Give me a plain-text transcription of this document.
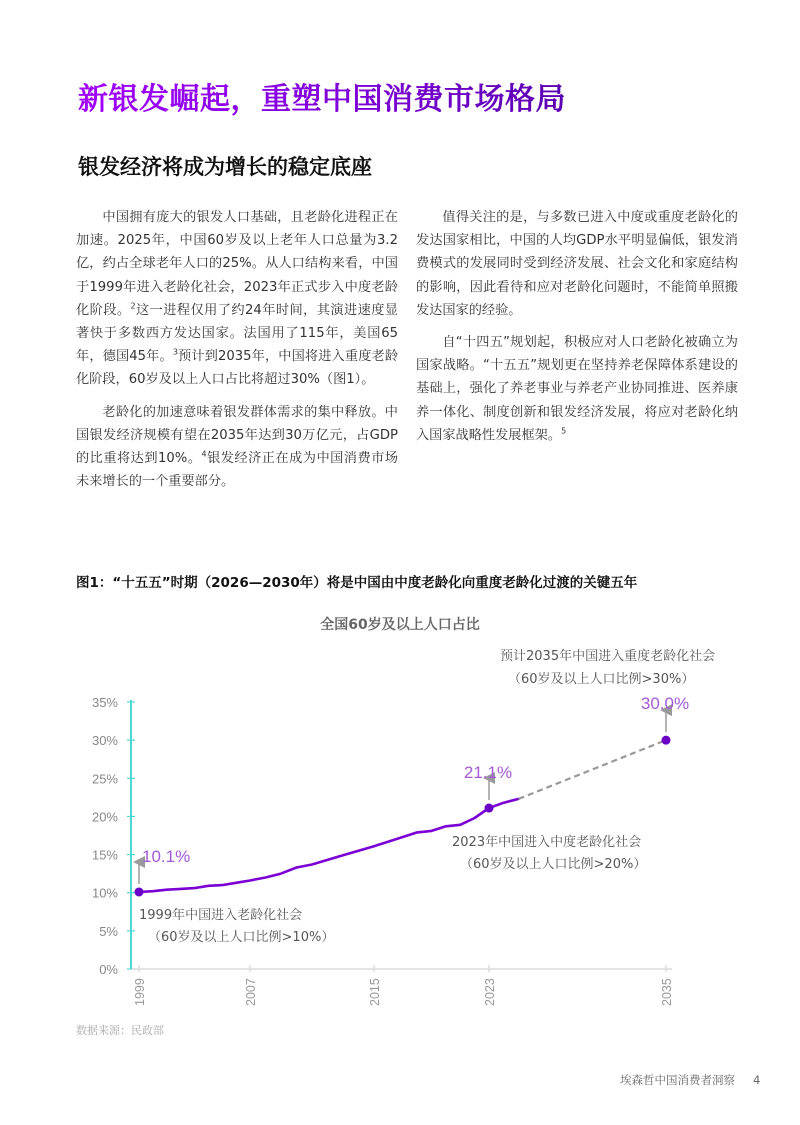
新银发崛起，重塑中国消费市场格局
银发经济将成为增长的稳定底座

中国拥有庞大的银发人口基础，且老龄化进程正在加速。2025年，中国60岁及以上老年人口总量为3.2亿，约占全球老年人口的25%。从人口结构来看，中国于1999年进入老龄化社会，2023年正式步入中度老龄化阶段。$^2$这一进程仅用了约24年时间，其演进速度显著快于多数西方发达国家。法国用了115年，美国65年，德国45年。$^3$预计到2035年，中国将进入重度老龄化阶段，60岁及以上人口占比将超过30%（图1）。

老龄化的加速意味着银发群体需求的集中释放。中国银发经济规模有望在2035年达到30万亿元，占GDP的比重将达到10%。$^4$银发经济正在成为中国消费市场未来增长的一个重要部分。

值得关注的是，与多数已进入中度或重度老龄化的发达国家相比，中国的人均GDP水平明显偏低，银发消费模式的发展同时受到经济发展、社会文化和家庭结构的影响，因此看待和应对老龄化问题时，不能简单照搬发达国家的经验。

自“十四五”规划起，积极应对人口老龄化被确立为国家战略。“十五五”规划更在坚持养老保障体系建设的基础上，强化了养老事业与养老产业协同推进、医养康养一体化、制度创新和银发经济发展，将应对老龄化纳入国家战略性发展框架。$^5$

图1：“十五五”时期（2026—2030年）将是中国由中度老龄化向重度老龄化过渡的关键五年
全国60岁及以上人口占比
0%
5%
10%
15%
20%
25%
30%
35%
1999	2007	2015	2023	2035
10.1%
1999年中国进入老龄化社会
（60岁及以上人口比例>10%）
21.1%
2023年中国进入中度老龄化社会
（60岁及以上人口比例>20%）
30.0%
预计2035年中国进入重度老龄化社会
（60岁及以上人口比例>30%）
数据来源：民政部
埃森哲中国消费者洞察 4
